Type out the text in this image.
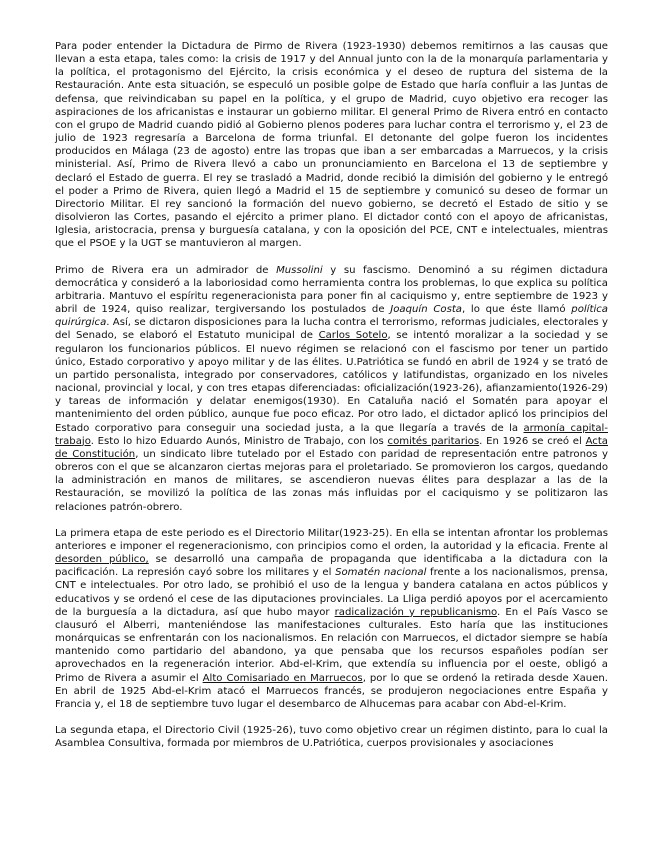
Para poder entender la Dictadura de Pirmo de Rivera (1923-1930) debemos remitirnos a las causas que llevan a esta etapa, tales como: la crisis de 1917 y del Annual junto con la de la monarquía parlamentaria y la política, el protagonismo del Ejército, la crisis económica y el deseo de ruptura del sistema de la Restauración. Ante esta situación, se especuló un posible golpe de Estado que haría confluir a las Juntas de defensa, que reivindicaban su papel en la política, y el grupo de Madrid, cuyo objetivo era recoger las aspiraciones de los africanistas e instaurar un gobierno militar. El general Primo de Rivera entró en contacto con el grupo de Madrid cuando pidió al Gobierno plenos poderes para luchar contra el terrorismo y, el 23 de julio de 1923 regresaría a Barcelona de forma triunfal. El detonante del golpe fueron los incidentes producidos en Málaga (23 de agosto) entre las tropas que iban a ser embarcadas a Marruecos, y la crisis ministerial. Así, Primo de Rivera llevó a cabo un pronunciamiento en Barcelona el 13 de septiembre y declaró el Estado de guerra. El rey se trasladó a Madrid, donde recibió la dimisión del gobierno y le entregó el poder a Primo de Rivera, quien llegó a Madrid el 15 de septiembre y comunicó su deseo de formar un Directorio Militar. El rey sancionó la formación del nuevo gobierno, se decretó el Estado de sitio y se disolvieron las Cortes, pasando el ejército a primer plano. El dictador contó con el apoyo de africanistas, Iglesia, aristocracia, prensa y burguesía catalana, y con la oposición del PCE, CNT e intelectuales, mientras que el PSOE y la UGT se mantuvieron al margen.

Primo de Rivera era un admirador de Mussolini y su fascismo. Denominó a su régimen dictadura democrática y consideró a la laboriosidad como herramienta contra los problemas, lo que explica su política arbitraria. Mantuvo el espíritu regeneracionista para poner fin al caciquismo y, entre septiembre de 1923 y abril de 1924, quiso realizar, tergiversando los postulados de Joaquín Costa, lo que éste llamó política quirúrgica. Así, se dictaron disposiciones para la lucha contra el terrorismo, reformas judiciales, electorales y del Senado, se elaboró el Estatuto municipal de Carlos Sotelo, se intentó moralizar a la sociedad y se regularon los funcionarios públicos. El nuevo régimen se relacionó con el fascismo por tener un partido único, Estado corporativo y apoyo militar y de las élites. U.Patriótica se fundó en abril de 1924 y se trató de un partido personalista, integrado por conservadores, católicos y latifundistas, organizado en los niveles nacional, provincial y local, y con tres etapas diferenciadas: oficialización(1923-26), afianzamiento(1926-29) y tareas de información y delatar enemigos(1930). En Cataluña nació el Somatén para apoyar el mantenimiento del orden público, aunque fue poco eficaz. Por otro lado, el dictador aplicó los principios del Estado corporativo para conseguir una sociedad justa, a la que llegaría a través de la armonía capital- trabajo. Esto lo hizo Eduardo Aunós, Ministro de Trabajo, con los comités paritarios. En 1926 se creó el Acta de Constitución, un sindicato libre tutelado por el Estado con paridad de representación entre patronos y obreros con el que se alcanzaron ciertas mejoras para el proletariado. Se promovieron los cargos, quedando la administración en manos de militares, se ascendieron nuevas élites para desplazar a las de la Restauración, se movilizó la política de las zonas más influidas por el caciquismo y se politizaron las relaciones patrón-obrero.

La primera etapa de este periodo es el Directorio Militar(1923-25). En ella se intentan afrontar los problemas anteriores e imponer el regeneracionismo, con principios como el orden, la autoridad y la eficacia. Frente al desorden público, se desarrolló una campaña de propaganda que identificaba a la dictadura con la pacificación. La represión cayó sobre los militares y el Somatén nacional frente a los nacionalismos, prensa, CNT e intelectuales. Por otro lado, se prohibió el uso de la lengua y bandera catalana en actos públicos y educativos y se ordenó el cese de las diputaciones provinciales. La Lliga perdió apoyos por el acercamiento de la burguesía a la dictadura, así que hubo mayor radicalización y republicanismo. En el País Vasco se clausuró el Alberri, manteniéndose las manifestaciones culturales. Esto haría que las instituciones monárquicas se enfrentarán con los nacionalismos. En relación con Marruecos, el dictador siempre se había mantenido como partidario del abandono, ya que pensaba que los recursos españoles podían ser aprovechados en la regeneración interior. Abd-el-Krim, que extendía su influencia por el oeste, obligó a Primo de Rivera a asumir el Alto Comisariado en Marruecos, por lo que se ordenó la retirada desde Xauen. En abril de 1925 Abd-el-Krim atacó el Marruecos francés, se produjeron negociaciones entre España y Francia y, el 18 de septiembre tuvo lugar el desembarco de Alhucemas para acabar con Abd-el-Krim.

La segunda etapa, el Directorio Civil (1925-26), tuvo como objetivo crear un régimen distinto, para lo cual la Asamblea Consultiva, formada por miembros de U.Patriótica, cuerpos provisionales y asociaciones
